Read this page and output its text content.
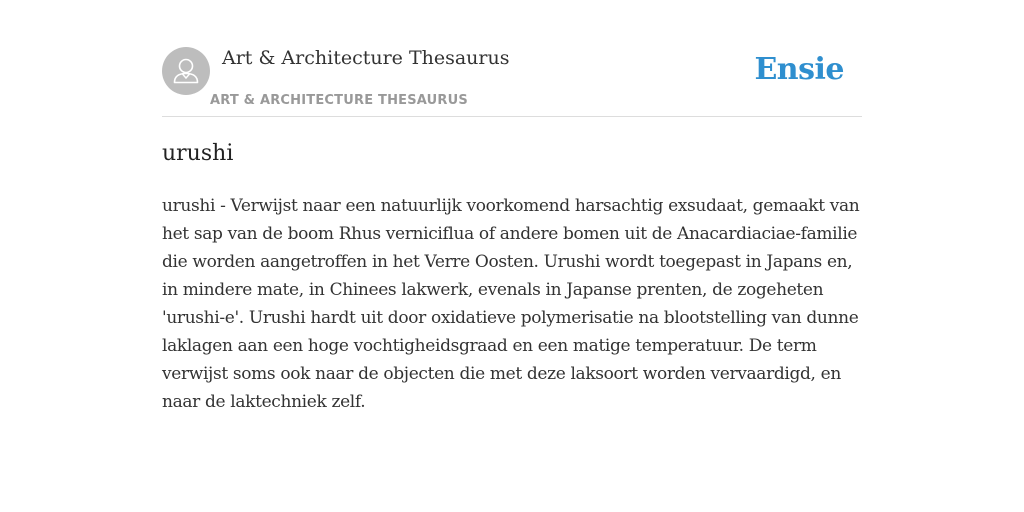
Art & Architecture Thesaurus
ART & ARCHITECTURE THESAURUS
Ensie
urushi

urushi - Verwijst naar een natuurlijk voorkomend harsachtig exsudaat, gemaakt van het sap van de boom Rhus verniciflua of andere bomen uit de Anacardiaciae-familie die worden aangetroffen in het Verre Oosten. Urushi wordt toegepast in Japans en, in mindere mate, in Chinees lakwerk, evenals in Japanse prenten, de zogeheten 'urushi-e'. Urushi hardt uit door oxidatieve polymerisatie na blootstelling van dunne laklagen aan een hoge vochtigheidsgraad en een matige temperatuur. De term verwijst soms ook naar de objecten die met deze laksoort worden vervaardigd, en naar de laktechniek zelf.
